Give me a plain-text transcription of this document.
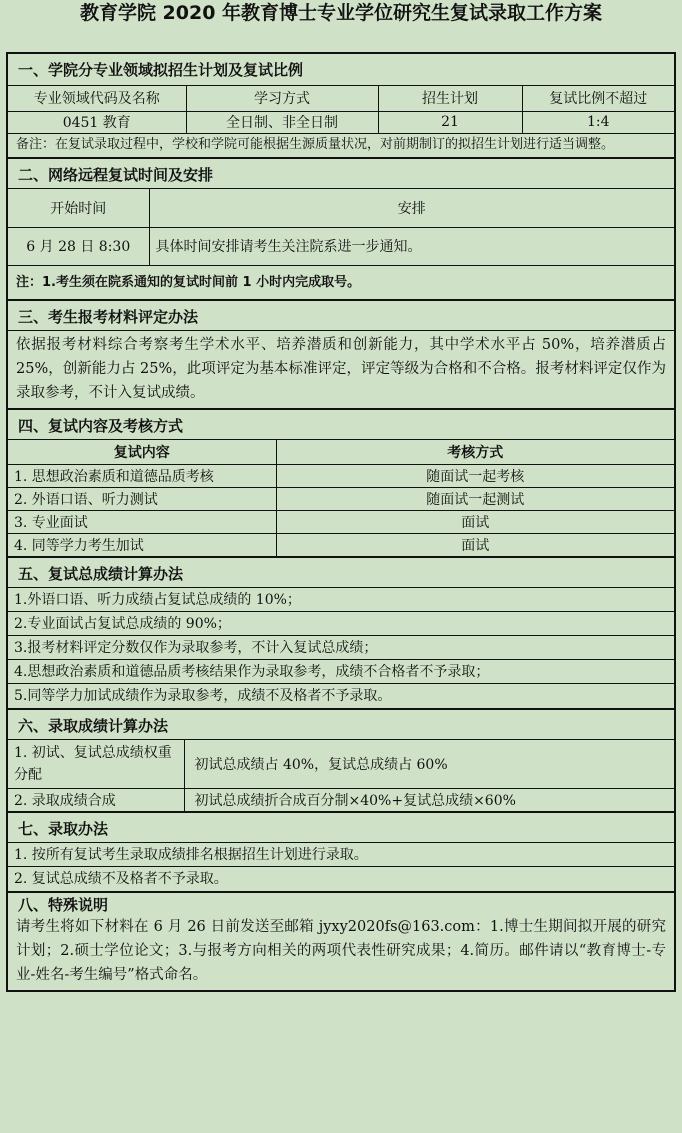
教育学院 2020 年教育博士专业学位研究生复试录取工作方案
一、学院分专业领域拟招生计划及复试比例
专业领域代码及名称	学习方式	招生计划	复试比例不超过
0451 教育	全日制、非全日制	21	1:4
备注：在复试录取过程中，学校和学院可能根据生源质量状况，对前期制订的拟招生计划进行适当调整。
二、网络远程复试时间及安排
开始时间	安排
6 月 28 日 8:30	具体时间安排请考生关注院系进一步通知。
注：1.考生须在院系通知的复试时间前 1 小时内完成取号。
三、考生报考材料评定办法
依据报考材料综合考察考生学术水平、培养潜质和创新能力，其中学术水平占 50%，培养潜质占 25%，创新能力占 25%，此项评定为基本标准评定，评定等级为合格和不合格。报考材料评定仅作为录取参考，不计入复试成绩。
四、复试内容及考核方式
复试内容	考核方式
1. 思想政治素质和道德品质考核	随面试一起考核
2. 外语口语、听力测试	随面试一起测试
3. 专业面试	面试
4. 同等学力考生加试	面试
五、复试总成绩计算办法
1.外语口语、听力成绩占复试总成绩的 10%；
2.专业面试占复试总成绩的 90%；
3.报考材料评定分数仅作为录取参考，不计入复试总成绩；
4.思想政治素质和道德品质考核结果作为录取参考，成绩不合格者不予录取；
5.同等学力加试成绩作为录取参考，成绩不及格者不予录取。
六、录取成绩计算办法
1. 初试、复试总成绩权重分配	初试总成绩占 40%，复试总成绩占 60%
2. 录取成绩合成	初试总成绩折合成百分制×40%+复试总成绩×60%
七、录取办法
1. 按所有复试考生录取成绩排名根据招生计划进行录取。
2. 复试总成绩不及格者不予录取。
八、特殊说明
请考生将如下材料在 6 月 26 日前发送至邮箱 jyxy2020fs@163.com：1.博士生期间拟开展的研究计划；2.硕士学位论文；3.与报考方向相关的两项代表性研究成果；4.简历。邮件请以“教育博士-专业-姓名-考生编号”格式命名。
